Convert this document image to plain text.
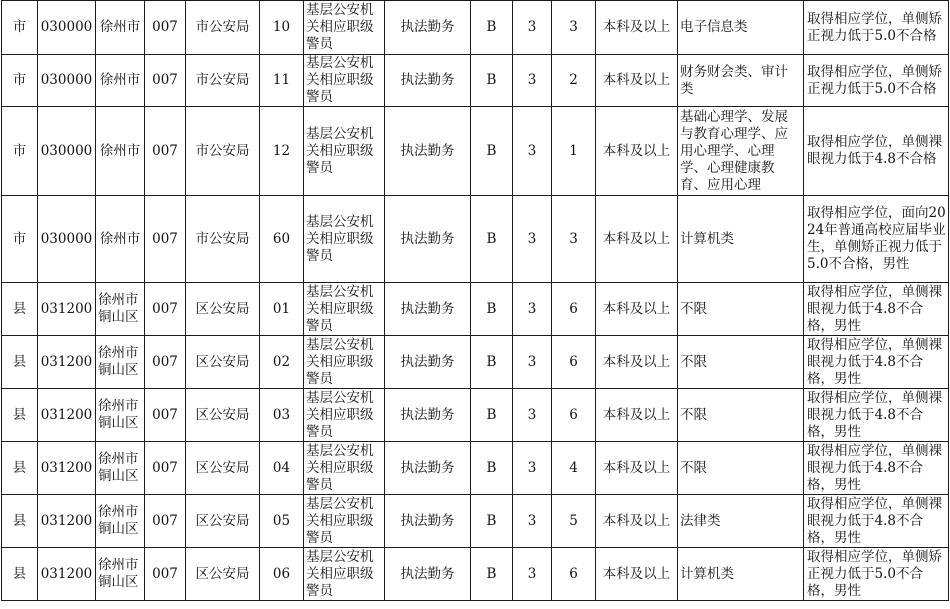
市	030000	徐州市	007	市公安局	10	基层公安机关相应职级警员	执法勤务	B	3	3	本科及以上	电子信息类	取得相应学位，单侧矫正视力低于5.0不合格
市	030000	徐州市	007	市公安局	11	基层公安机关相应职级警员	执法勤务	B	3	2	本科及以上	财务财会类、审计类	取得相应学位，单侧矫正视力低于5.0不合格
市	030000	徐州市	007	市公安局	12	基层公安机关相应职级警员	执法勤务	B	3	1	本科及以上	基础心理学、发展与教育心理学、应用心理学、心理学、心理健康教育、应用心理	取得相应学位，单侧裸眼视力低于4.8不合格
市	030000	徐州市	007	市公安局	60	基层公安机关相应职级警员	执法勤务	B	3	3	本科及以上	计算机类	取得相应学位，面向2024年普通高校应届毕业生，单侧矫正视力低于5.0不合格，男性
县	031200	徐州市铜山区	007	区公安局	01	基层公安机关相应职级警员	执法勤务	B	3	6	本科及以上	不限	取得相应学位，单侧裸眼视力低于4.8不合格，男性
县	031200	徐州市铜山区	007	区公安局	02	基层公安机关相应职级警员	执法勤务	B	3	6	本科及以上	不限	取得相应学位，单侧裸眼视力低于4.8不合格，男性
县	031200	徐州市铜山区	007	区公安局	03	基层公安机关相应职级警员	执法勤务	B	3	6	本科及以上	不限	取得相应学位，单侧裸眼视力低于4.8不合格，男性
县	031200	徐州市铜山区	007	区公安局	04	基层公安机关相应职级警员	执法勤务	B	3	4	本科及以上	不限	取得相应学位，单侧裸眼视力低于4.8不合格，男性
县	031200	徐州市铜山区	007	区公安局	05	基层公安机关相应职级警员	执法勤务	B	3	5	本科及以上	法律类	取得相应学位，单侧裸眼视力低于4.8不合格，男性
县	031200	徐州市铜山区	007	区公安局	06	基层公安机关相应职级警员	执法勤务	B	3	6	本科及以上	计算机类	取得相应学位，单侧矫正视力低于5.0不合格，男性
